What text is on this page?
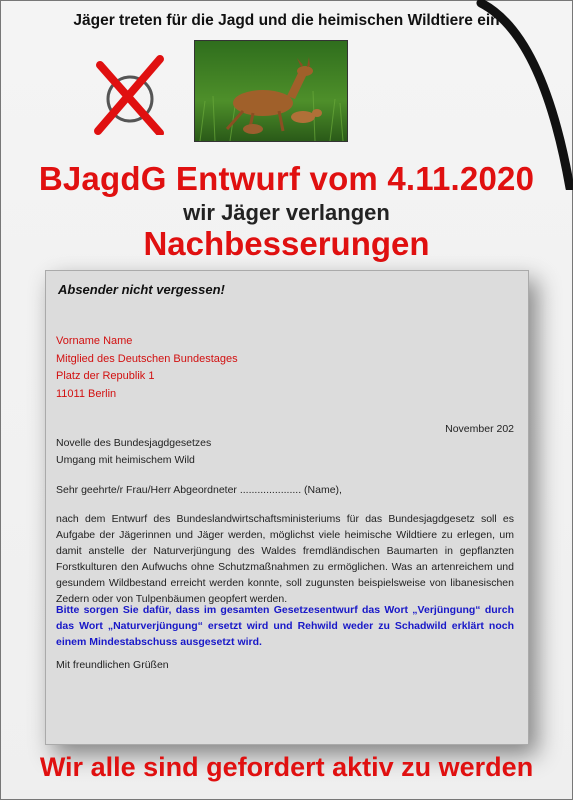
Jäger treten für die Jagd und die heimischen Wildtiere ein
BJagdG Entwurf vom 4.11.2020
wir Jäger verlangen
Nachbesserungen
Absender nicht vergessen!
Vorname Name
Mitglied des Deutschen Bundestages
Platz der Republik 1
11011 Berlin
November 202
Novelle des Bundesjagdgesetzes
Umgang mit heimischem Wild
Sehr geehrte/r Frau/Herr Abgeordneter ..................... (Name),
nach dem Entwurf des Bundeslandwirtschaftsministeriums für das Bundesjagdgesetz soll es Aufgabe der Jägerinnen und Jäger werden, möglichst viele heimische Wildtiere zu erlegen, um damit anstelle der Naturverjüngung des Waldes fremdländischen Baumarten in gepflanzten Forstkulturen den Aufwuchs ohne Schutzmaßnahmen zu ermöglichen. Was an artenreichem und gesundem Wildbestand erreicht werden konnte, soll zugunsten beispielsweise von libanesischen Zedern oder von Tulpenbäumen geopfert werden.
Bitte sorgen Sie dafür, dass im gesamten Gesetzesentwurf das Wort „Verjüngung“ durch das Wort „Naturverjüngung“ ersetzt wird und Rehwild weder zu Schadwild erklärt noch einem Mindestabschuss ausgesetzt wird.
Mit freundlichen Grüßen
Wir alle sind gefordert aktiv zu werden
